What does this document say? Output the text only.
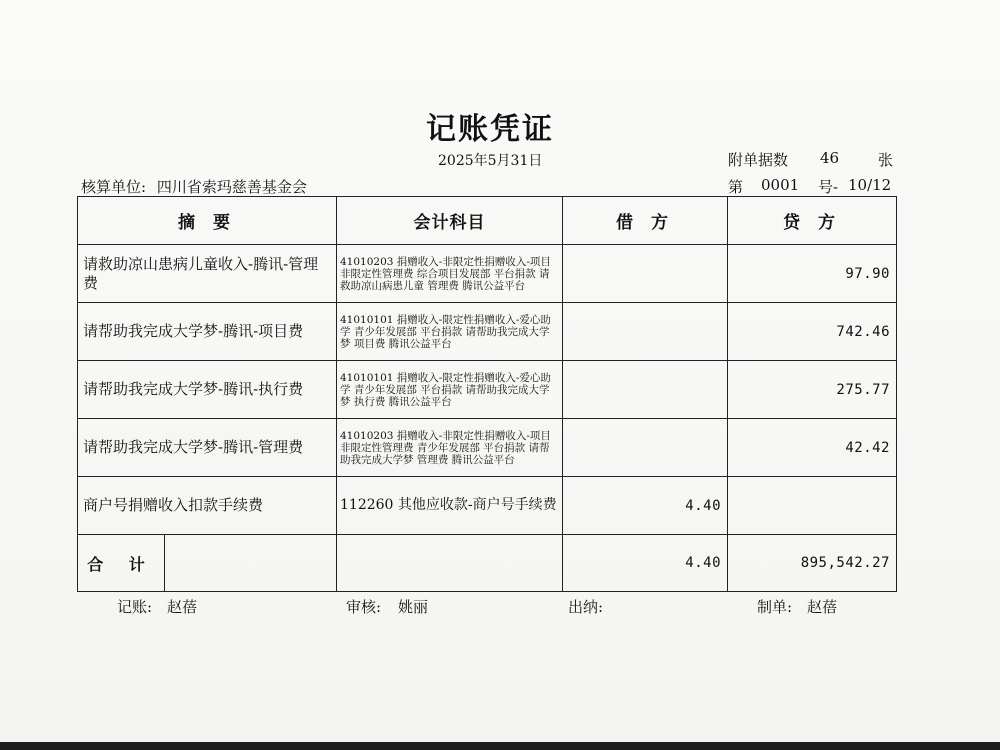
记账凭证
2025年5月31日	附单据数 46	张
核算单位: 四川省索玛慈善基金会	第 0001 号- 10/12
摘 要	会计科目	借 方	贷 方
请救助凉山患病儿童收入-腾讯-管理费	41010203 捐赠收入-非限定性捐赠收入-项目非限定性管理费 综合项目发展部 平台捐款 请救助凉山病患儿童 管理费 腾讯公益平台		97.90
请帮助我完成大学梦-腾讯-项目费	41010101 捐赠收入-限定性捐赠收入-爱心助学 青少年发展部 平台捐款 请帮助我完成大学梦 项目费 腾讯公益平台		742.46
请帮助我完成大学梦-腾讯-执行费	41010101 捐赠收入-限定性捐赠收入-爱心助学 青少年发展部 平台捐款 请帮助我完成大学梦 执行费 腾讯公益平台		275.77
请帮助我完成大学梦-腾讯-管理费	41010203 捐赠收入-非限定性捐赠收入-项目非限定性管理费 青少年发展部 平台捐款 请帮助我完成大学梦 管理费 腾讯公益平台		42.42
商户号捐赠收入扣款手续费	112260 其他应收款-商户号手续费	4.40	

合 计		4.40	895,542.27
记账: 赵蓓	审核: 姚丽	出纳:	制单: 赵蓓
